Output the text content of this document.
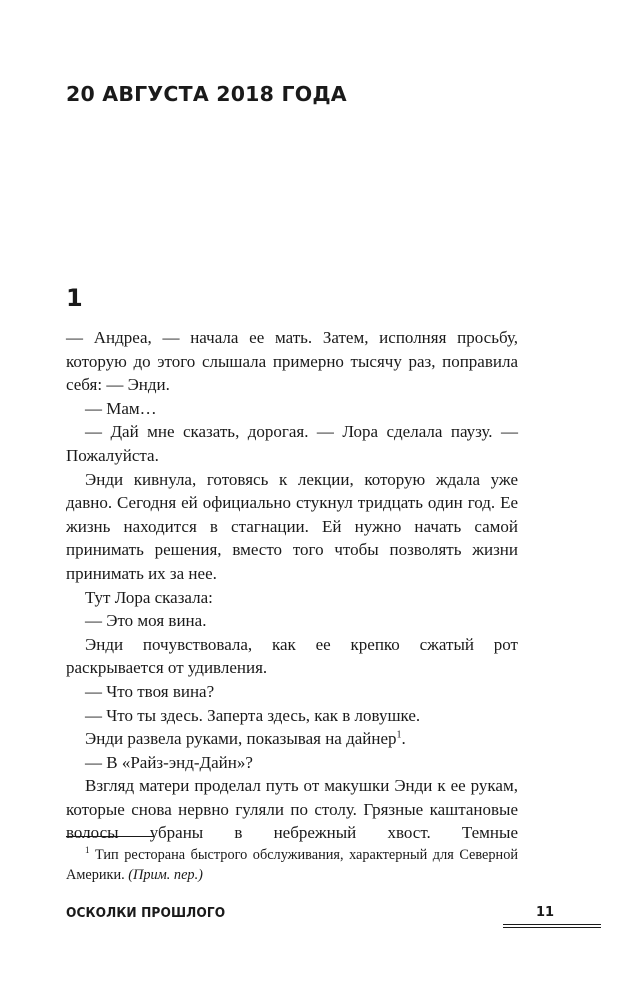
20 АВГУСТА 2018 ГОДА
1

— Андреа, — начала ее мать. Затем, исполняя просьбу, которую до этого слышала примерно тысячу раз, поправила себя: — Энди.

— Мам…

— Дай мне сказать, дорогая. — Лора сделала паузу. — Пожалуйста.

Энди кивнула, готовясь к лекции, которую ждала уже давно. Сегодня ей официально стукнул тридцать один год. Ее жизнь находится в стагнации. Ей нужно начать самой принимать решения, вместо того чтобы позволять жизни принимать их за нее.

Тут Лора сказала:

— Это моя вина.

Энди почувствовала, как ее крепко сжатый рот раскрывается от удивления.

— Что твоя вина?

— Что ты здесь. Заперта здесь, как в ловушке.

Энди развела руками, показывая на дайнер$^1$.

— В «Райз-энд-Дайн»?

Взгляд матери проделал путь от макушки Энди к ее рукам, которые снова нервно гуляли по столу. Грязные каштановые волосы убраны в небрежный хвост. Темные

$^1$ Тип ресторана быстрого обслуживания, характерный для Северной Америки. (Прим. пер.)

ОСКОЛКИ ПРОШЛОГО	11
